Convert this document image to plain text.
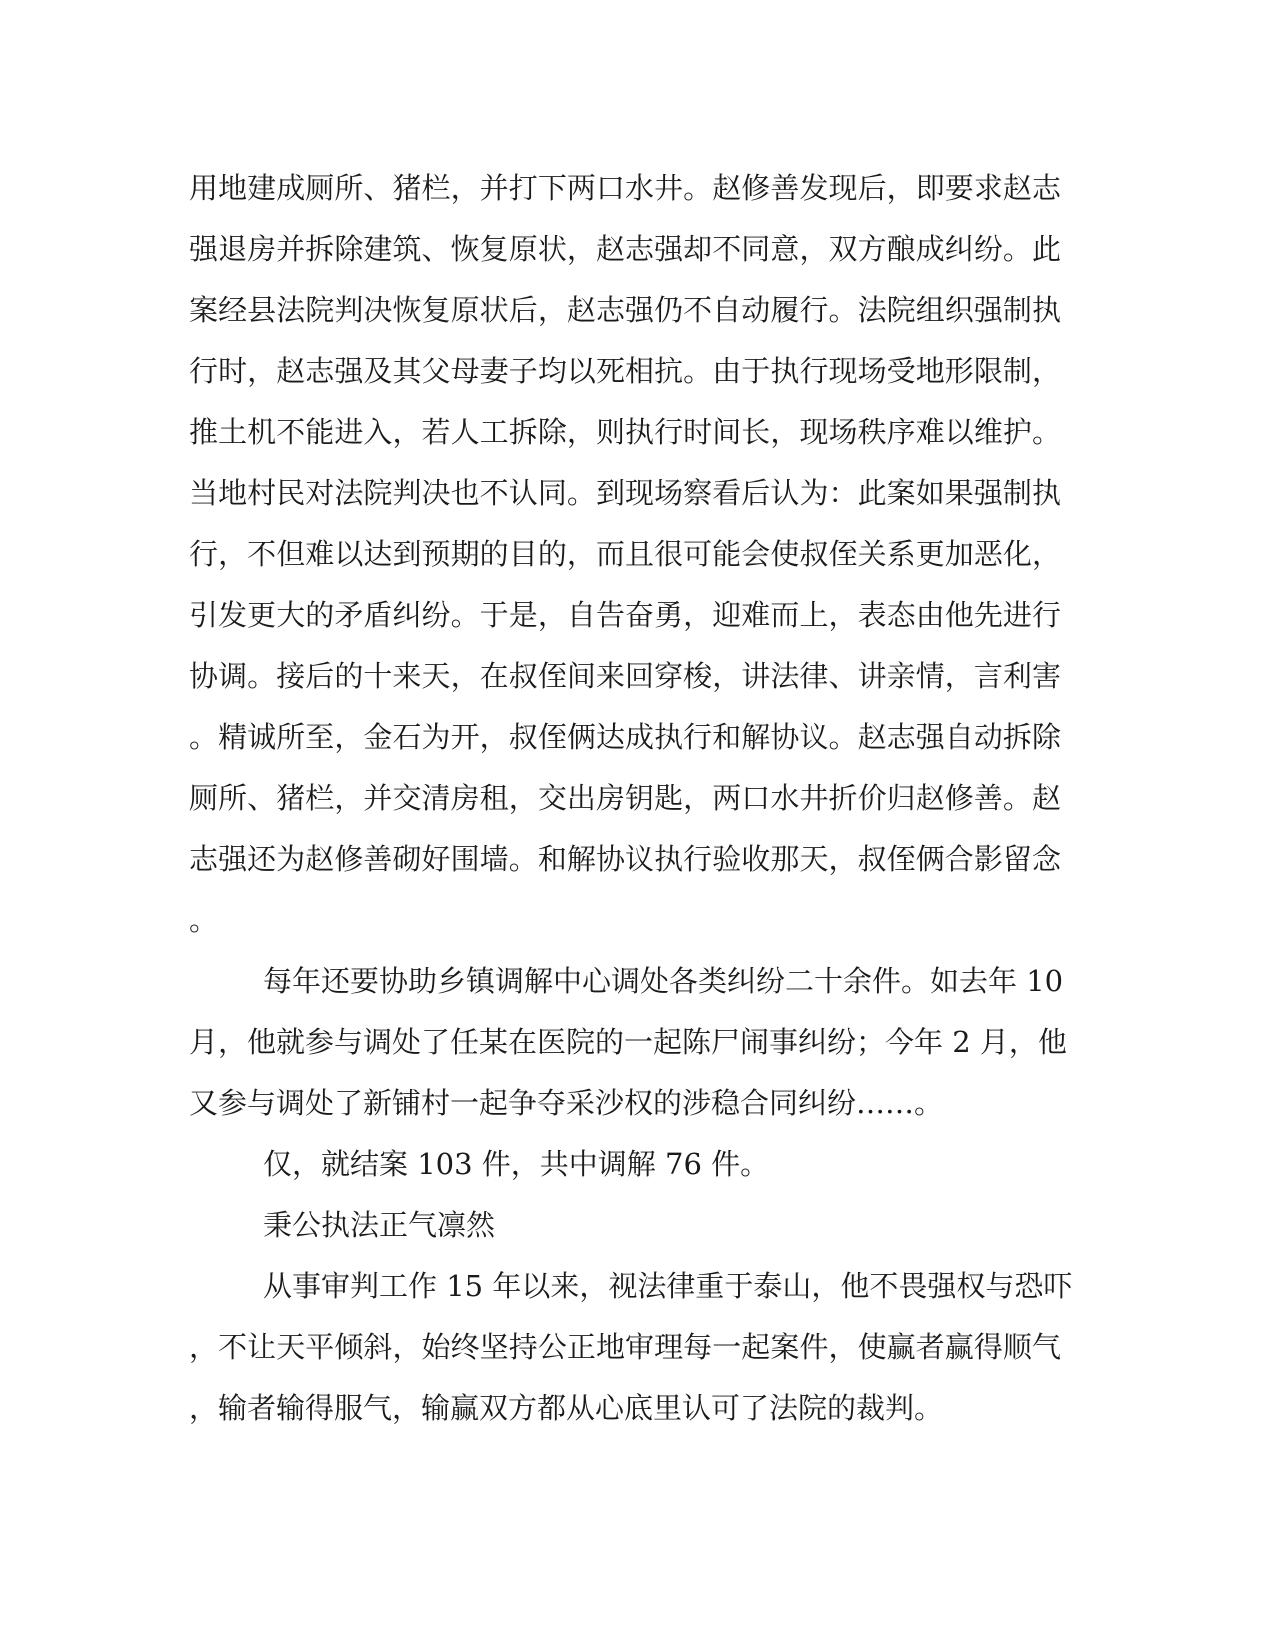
用地建成厕所、猪栏，并打下两口水井。赵修善发现后，即要求赵志
强退房并拆除建筑、恢复原状，赵志强却不同意，双方酿成纠纷。此
案经县法院判决恢复原状后，赵志强仍不自动履行。法院组织强制执
行时，赵志强及其父母妻子均以死相抗。由于执行现场受地形限制，
推土机不能进入，若人工拆除，则执行时间长，现场秩序难以维护。
当地村民对法院判决也不认同。到现场察看后认为：此案如果强制执
行，不但难以达到预期的目的，而且很可能会使叔侄关系更加恶化，
引发更大的矛盾纠纷。于是，自告奋勇，迎难而上，表态由他先进行
协调。接后的十来天，在叔侄间来回穿梭，讲法律、讲亲情，言利害
。精诚所至，金石为开，叔侄俩达成执行和解协议。赵志强自动拆除
厕所、猪栏，并交清房租，交出房钥匙，两口水井折价归赵修善。赵
志强还为赵修善砌好围墙。和解协议执行验收那天，叔侄俩合影留念
。
每年还要协助乡镇调解中心调处各类纠纷二十余件。如去年 10
月，他就参与调处了任某在医院的一起陈尸闹事纠纷；今年 2 月，他
又参与调处了新铺村一起争夺采沙权的涉稳合同纠纷……。
仅，就结案 103 件，共中调解 76 件。
秉公执法正气凛然
从事审判工作 15 年以来，视法律重于泰山，他不畏强权与恐吓
，不让天平倾斜，始终坚持公正地审理每一起案件，使赢者赢得顺气
，输者输得服气，输赢双方都从心底里认可了法院的裁判。
